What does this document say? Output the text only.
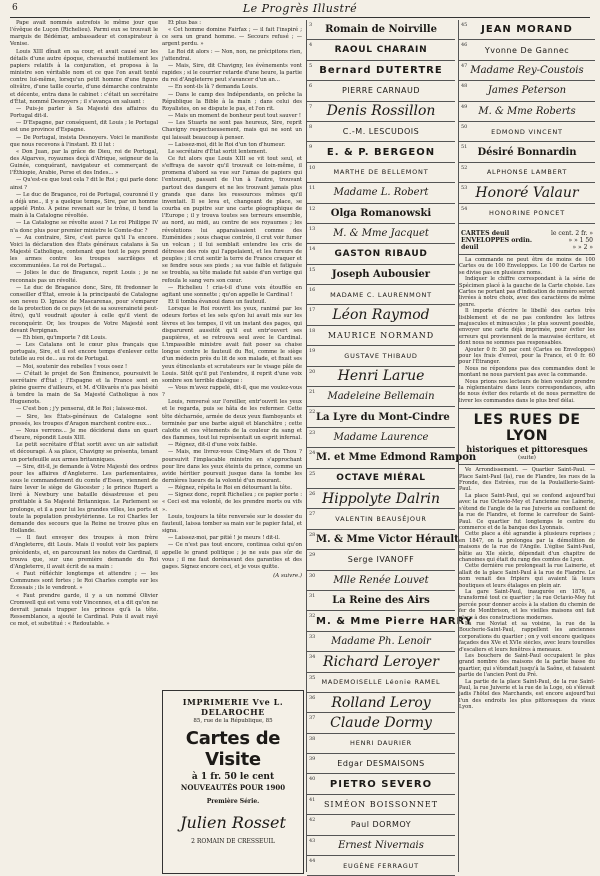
6	Le Progrès Illustré

Pape avait nommés autrefois le même jour que l'évêque de Luçon (Richelieu). Parmi eux se trouvait le marquis de Bédémar, ambassadeur et conspirateur à Venise.

Louis XIII dînait en sa cour, et avait causé sur les détails d'une autre époque, chevauché inutilement les papiers relatifs à la conjuration, et proposa à la ministre son véritable nom et ce que l'on avait tenté contre lui-même, lorsqu'un petit homme d'une figure olivâtre, d'une taille courte, d'une démarche contrainte et décente, entra dans le cabinet : c'était un secrétaire d'État, nommé Desnoyers ; il s'avança en saluant :

— Puis-je parler à Sa Majesté des affaires du Portugal dit-il.

— D'Espagne, par conséquent, dit Louis ; le Portugal est une province d'Espagne.

— De Portugal, insista Desnoyers. Voici le manifeste que nous recevons à l'instant. Et il lut :

« Don Juan, par la grâce de Dieu, roi de Portugal, des Algarves, royaumes deçà d'Afrique, seigneur de la Guinée, conquérant, navigateur et commerçant de l'Éthiopie, Arabie, Perse et des Indes... »

— Qu'est-ce que tout cela ? dit le Roi ; qui parle donc ainsi ?

— Le duc de Bragance, roi de Portugal, couronné il y a déjà une.., il y a quelque temps, Sire, par un homme appelé Pinto. À peine revenait sur le trône, il tend la main à la Catalogne révoltée.

— La Catalogne se révolte aussi ? Le roi Philippe IV n'a donc plus pour premier ministre le Comte-duc ?

— Au contraire, Sire, c'est parce qu'il l'a encore. Voici la déclaration des États généraux catalans à Sa Majesté Catholique, contenant que tout le pays prend les armes contre les troupes sacrilèges et excommuniées. Le roi de Portugal...

— Jolies le duc de Bragance, reprit Louis ; je ne reconnais pas un révolté.

— Le duc de Bragance donc, Sire, fit fredonner le conseiller d'État, envoie à la principauté de Catalogne son neveu D. Ignace de Mascarenas, pour s'emparer de la protection de ce pays (et de sa souveraineté peut-être), qu'il voudrait ajouter à celle qu'il vient de reconquérir. Or, les troupes de Votre Majesté sont devant Perpignan.

— Eh bien, qu'importe ? dit Louis.

— Les Catalans ont le cœur plus français que portugais, Sire, et il est encore temps d'enlever cette tutelle au roi de... au roi de Portugal.

— Moi, soutenir des rebelles ! vous osez !

— C'était le projet de Son Éminence, poursuivit le secrétaire d'État ; l'Espagne et la France sont en pleine guerre d'ailleurs, et M. d'Olivarès n'a pas hésité à tendre la main de Sa Majesté Catholique à nos Huguenots.

— C'est bon ; j'y penserai, dit le Roi ; laissez-moi.

— Sire, les États-généraux de Catalogne sont pressés, les troupes d'Aragon marchent contre eux...

— Nous verrons... Je me déciderai dans un quart d'heure, répondit Louis XIII.

Le petit secrétaire d'État sortit avec un air satisfait et découragé. À sa place, Chavigny se présenta, tenant un portefeuille aux armes britanniques.

— Sire, dit-il, je demande à Votre Majesté des ordres pour les affaires d'Angleterre. Les parlementaires, sous le commandement du comte d'Essex, viennent de faire lever le siège de Glocester ; le prince Rupert a livré à Newbury une bataille désastreuse et peu profitable à Sa Majesté Britannique. Le Parlement se prolonge, et il a pour lui les grandes villes, les ports et toute la population presbytérienne. Le roi Charles Ier demande des secours que la Reine ne trouve plus en Hollande.

— Il faut envoyer des troupes à mon frère d'Angleterre, dit Louis. Mais il voulut voir les papiers précédents, et, en parcourant les notes du Cardinal, il trouva que, sur une première demande du Roi d'Angleterre, il avait écrit de sa main :

« Faut réfléchir longtemps et attendre ; — les Communes sont fortes ; le Roi Charles compte sur les Écossais ; ils le vendront. »

« Faut prendre garde, il y a un nommé Olivier Cromwell qui est venu voir Vincennes, et a dit qu'on ne devrait jamais trapper les princes qu'à la tête. Ressemblance, a ajouté le Cardinal. Puis il avait rayé ce mot, et substitué : « Redoutable. »

Et plus bas :

« Cet homme domine Fairfax ; — il fait l'inspiré ; ce sera un grand homme. — Secours refusé ; — argent perdu. »

Le Roi dit alors : — Non, non, ne précipitons rien, j'attendrai.

— Mais, Sire, dit Chavigny, les évènements vont rapides ; si le courrier retarde d'une heure, la partie du roi d'Angleterre peut s'avancer d'un an...

— En sont-ils là ? demanda Louis.

— Dans le camp des Indépendants, on prêche la République la Bible à la main ; dans celui des Royalistes, on se dispute le pas, et l'on rit.

— Mais un moment de bonheur peut tout sauver !

— Les Stuarts ne sont pas heureux, Sire, reprit Chavigny respectueusement, mais qui ne sont un qui laissait beaucoup à penser.

— Laissez-moi, dit le Roi d'un ton d'humeur.

Le secrétaire d'État sortit lentement.

Ce fut alors que Louis XIII se vit tout seul, et s'effraya de savoir qu'il trouvait ce loin-même, il promena d'abord sa vue sur l'amas de papiers qui l'entourait, passant de l'un à l'autre, trouvant partout des dangers et ne les trouvant jamais plus grands que dans les ressources mêmes qu'il inventait. Il se leva et, changeant de place, se courba en pupitre sur une carte géographique de l'Europe ; il y trouva toutes ses terreurs ensemble, au nord, au midi, au centre de ses royaumes ; les révolutions lui apparaissaient comme des Euménides ; sous chaque contrée, il crut voir fumer un volcan ; il lui semblait entendre les cris de détresse des rois qui l'appelaient, et les fureurs de peuples ; il crut sentir la terre de France craquer et se fendre sous ses pieds ; sa vue faible et fatiguée se troubla, sa tête malade fut saisie d'un vertige qui refoula le sang vers son cœur.

— Richelieu ! cria-t-il d'une voix étouffée en agitant une sonnette ; qu'on appelle le Cardinal !

Et il tomba évanoui dans un fauteuil.

Lorsque le Roi rouvrit les yeux, ranimé par les odeurs fortes et les sels qu'on lui avait mis sur les lèvres et les tempes, il vit un instant des pages, qui disparurent aussitôt qu'il eut entr'ouvert ses paupières, et se retrouva seul avec le Cardinal. L'impassible ministre avait fait poser sa chaise longue contre le fauteuil du Roi, comme le siège d'un médecin près du lit de son malade, et fixait ses yeux étincelants et scrutateurs sur le visage pâle de Louis. Sitôt qu'il put l'entendre, il reprit d'une voix sombre son terrible dialogue :

— Vous m'avez rappelé, dit-il, que me voulez-vous ?

Louis, renversé sur l'oreiller, entr'ouvrit les yeux et le regarda, puis se hâta de les refermer. Cette tête décharnée, armée de deux yeux flamboyants et terminée par une barbe aiguë et blanchâtre ; cette calotte et ces vêtements de la couleur du sang et des flammes, tout lui représentait un esprit infernal.

— Régnez, dit-il d'une voix faible.

— Mais, me livrez-vous Cinq-Mars et de Thou ? poursuivit l'implacable ministre en s'approchant pour lire dans les yeux éteints du prince, comme un avide héritier poursuit jusque dans la tombe les dernières lueurs de la volonté d'un mourant.

— Régnez, répéta le Roi en détournant la tête.

— Signez donc, reprit Richelieu ; ce papier porte : « Ceci est ma volonté, de les prendre morts ou vifs ».

Louis, toujours la tête renversée sur le dossier du fauteuil, laissa tomber sa main sur le papier fatal, et signa.

— Laissez-moi, par pitié ! je meurs ! dit-il.

— Ce n'est pas tout encore, continua celui qu'on appelle le grand politique ; je ne suis pas sûr de vous ; il me faut dorénavant des garanties et des gages. Signez encore ceci, et je vous quitte.

(A suivre.)
IMPRIMERIE Vve L. DELAROCHE
85, rue de la République, 85
Cartes de Visite
à 1 fr. 50 le cent
NOUVEAUTÉS POUR 1900
Première Série.
Julien Rosset
2 ROMAIN DE CRESSEUIL
3 Romain de Noirville
4 RAOUL CHARAIN
5 Bernard DUTERTRE
6
PIERRE CARNAUD
7 Denis Rossillon
8
C.-M. LESCUDOIS
9 E. & P. BERGEON
10
MARTHE DE BELLEMONT
11 Madame L. Robert
12 Olga Romanowski
13 M. & Mme Jacquet
14 GASTON RIBAUD
15 Joseph Aubousier
16
MADAME C. LAURENMONT
17 Léon Raymod
18
MAURICE NORMAND
19
GUSTAVE THIBAUD
20 Henri Larue
21 Madeleine Bellemain
22 La Lyre du Mont-Cindre
23 Madame Laurence
24 M. et Mme Edmond Rampon
25 OCTAVE MIÉRAL
26 Hippolyte Dalrin
27
VALENTIN BEAUSÉJOUR
28 M. & Mme Victor Hérault
29
Serge IVANOFF
30 Mlle Renée Louvet
31 La Reine des Airs
32 M. & Mme Pierre HARRY
33 Madame Ph. Lenoir
34 Richard Leroyer
35
MADEMOISELLE Léonie RAMEL
36 Rolland Leroy
37 Claude Dormy
38
HENRI DAURIER
39
Edgar DESMAISONS
40 PIETRO SEVERO
41
SIMÉON BOISSONNET
42
Paul DORMOY
43 Ernest Nivernais
44
EUGÈNE FERRAGUT
45 JEAN MORAND
46
Yvonne De Gannec
47 Madame Rey-Coustois
48 James Peterson
49 M. & Mme Roberts
50
EDMOND VINCENT
51 Désiré Bonnardin
52
ALPHONSE LAMBERT
53 Honoré Valaur
54
HONORINE PONCET
CARTES deuil	le cent. 2 fr. »
ENVELOPPES ordin.	» » 1 50
deuil	» » 2 »

La commande ne peut être de moins de 100 Cartes ou de 100 Enveloppes. Le 100 de Cartes ne se divise pas en plusieurs noms.

Indiquer le chiffre correspondant à la série de Spécimen placé à la gauche de la Carte choisie. Les Cartes ne portant pas d'indication de numéro seront livrées à notre choix, avec des caractères de même genre.

Il importe d'écrire le libellé des cartes très lisiblement et de ne pas confondre les lettres majuscules et minuscules ; le plus souvent possible, envoyer une carte déjà imprimée, pour éviter les erreurs qui proviennent de la mauvaise écriture, et dont nous ne sommes pas responsables.

Ajouter 0 fr. 30 par cent (Cartes ou Enveloppes) pour les frais d'envoi, pour la France, et 0 fr. 60 pour l'Étranger.

Nous ne répondons pas des commandes dont le montant ne nous parvient pas avec la commande.

Nous prions nos lecteurs de bien vouloir prendre la réglementaire dans leurs correspondances, afin de nous éviter des retards et de nous permettre de livrer les commandes dans le plus bref délai.

LES RUES DE LYON
historiques et pittoresques
(suite)

Ve Arrondissement. — Quartier Saint-Paul. — Place Saint-Paul (la), rue de Flandre, les rues de la Fronde, des Estrées, rue de la Poulaillerie-Saint-Paul.

La place Saint-Paul, qui se confond aujourd'hui avec la rue Octavio-Mey et l'ancienne rue Lainerie, s'étend de l'angle de la rue Juiverie au confluent de la rue de Flandre, et forme le carrefour de Saint-Paul. Ce quartier fut longtemps le centre du commerce et de la banque des Lyonnais.

Cette place a été agrandie à plusieurs reprises ; en 1847, on la prolongea par la démolition de maisons de la rue de l'Angile. L'église Saint-Paul, bâtie au XIe siècle, dépendait d'un chapitre de chanoines qui était du rang des comtes de Lyon.

Cette dernière rue prolongeait la rue Lainerie, et allait de la place Saint-Paul à la rue de Flandre. Le nom venait des fripiers qui avaient là leurs boutiques et leurs étalages en plein air.

La gare Saint-Paul, inaugurée en 1876, a transformé tout ce quartier ; la rue Octavio-Mey fut percée pour donner accès à la station du chemin de fer de Montbrison, et les vieilles maisons ont fait place à des constructions modernes.

La rue Noviat et sa voisine, la rue de la Boucherie-Saint-Paul, rappellent les anciennes corporations du quartier ; on y voit encore quelques façades des XVe et XVIe siècles, avec leurs tourelles d'escaliers et leurs fenêtres à meneaux.

Les bouchers de Saint-Paul occupaient le plus grand nombre des maisons de la partie basse du quartier, qui s'étendait jusqu'à la Saône, et faisaient partie de l'ancien Pont du Pré.

La partie de la place Saint-Paul, de la rue Saint-Paul, la rue Juiverie et la rue de la Loge, où s'élevait jadis l'hôtel des Marchands, est encore aujourd'hui l'un des endroits les plus pittoresques du vieux Lyon.
